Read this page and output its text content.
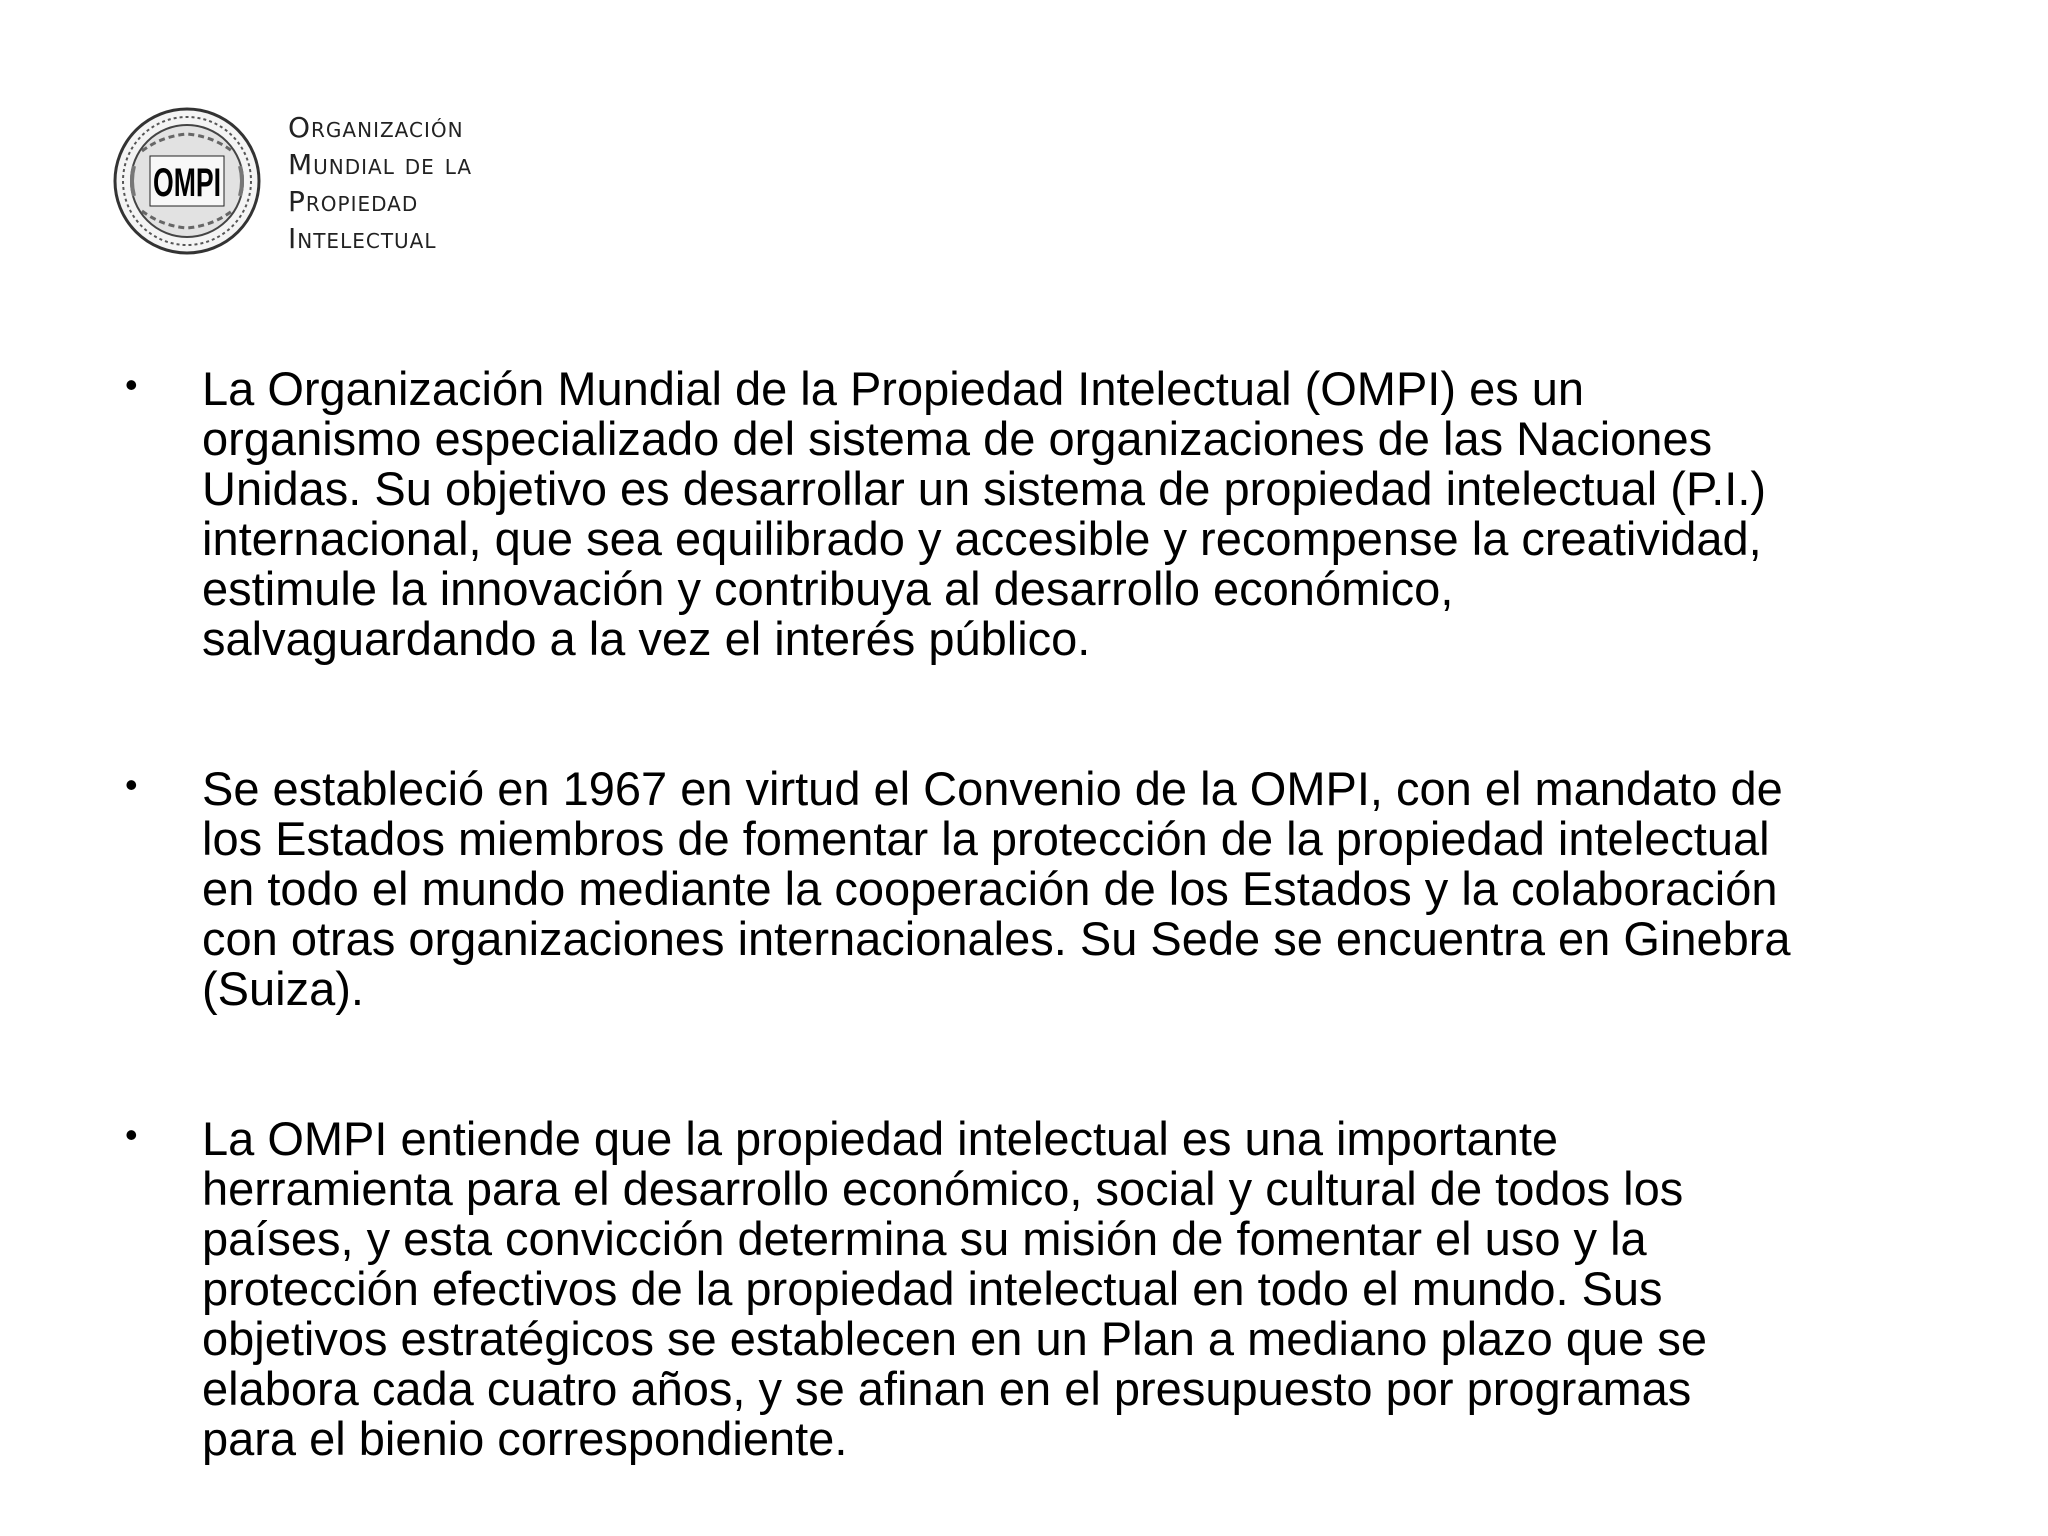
OMPI
Organización
Mundial de la
Propiedad
Intelectual
• La Organización Mundial de la Propiedad Intelectual (OMPI) es un
organismo especializado del sistema de organizaciones de las Naciones
Unidas. Su objetivo es desarrollar un sistema de propiedad intelectual (P.I.)
internacional, que sea equilibrado y accesible y recompense la creatividad,
estimule la innovación y contribuya al desarrollo económico,
salvaguardando a la vez el interés público.
• Se estableció en 1967 en virtud el Convenio de la OMPI, con el mandato de
los Estados miembros de fomentar la protección de la propiedad intelectual
en todo el mundo mediante la cooperación de los Estados y la colaboración
con otras organizaciones internacionales. Su Sede se encuentra en Ginebra
(Suiza).
• La OMPI entiende que la propiedad intelectual es una importante
herramienta para el desarrollo económico, social y cultural de todos los
países, y esta convicción determina su misión de fomentar el uso y la
protección efectivos de la propiedad intelectual en todo el mundo. Sus
objetivos estratégicos se establecen en un Plan a mediano plazo que se
elabora cada cuatro años, y se afinan en el presupuesto por programas
para el bienio correspondiente.
